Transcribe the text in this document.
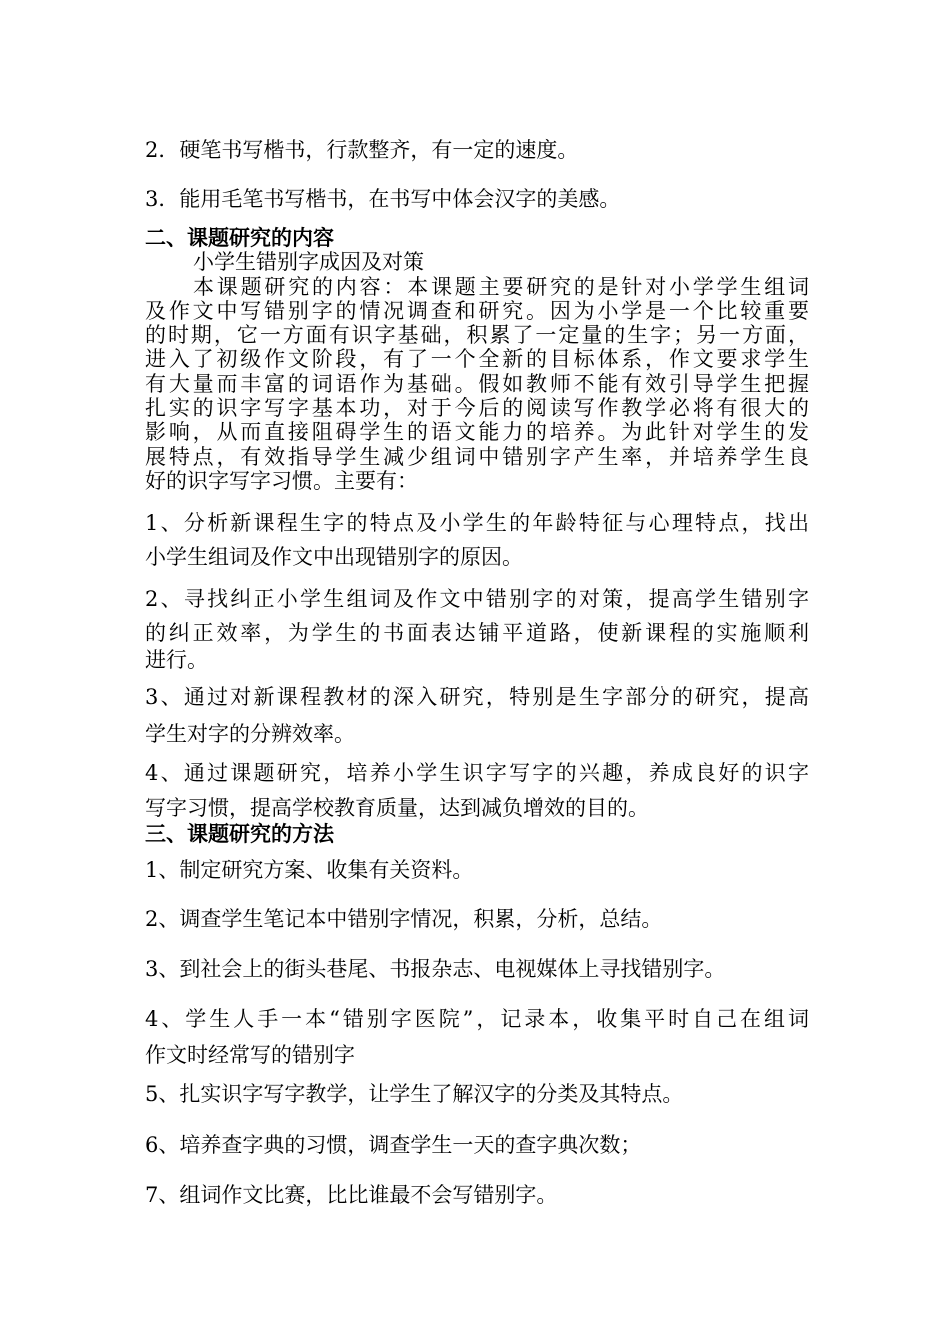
2．硬笔书写楷书，行款整齐，有一定的速度。
3．能用毛笔书写楷书，在书写中体会汉字的美感。
二、课题研究的内容
小学生错别字成因及对策
本课题研究的内容：本课题主要研究的是针对小学学生组词
及作文中写错别字的情况调查和研究。因为小学是一个比较重要
的时期，它一方面有识字基础，积累了一定量的生字；另一方面，
进入了初级作文阶段，有了一个全新的目标体系，作文要求学生
有大量而丰富的词语作为基础。假如教师不能有效引导学生把握
扎实的识字写字基本功，对于今后的阅读写作教学必将有很大的
影响，从而直接阻碍学生的语文能力的培养。为此针对学生的发
展特点，有效指导学生减少组词中错别字产生率，并培养学生良
好的识字写字习惯。主要有：
1、分析新课程生字的特点及小学生的年龄特征与心理特点，找出
小学生组词及作文中出现错别字的原因。
2、寻找纠正小学生组词及作文中错别字的对策，提高学生错别字
的纠正效率，为学生的书面表达铺平道路，使新课程的实施顺利
进行。
3、通过对新课程教材的深入研究，特别是生字部分的研究，提高
学生对字的分辨效率。
4、通过课题研究，培养小学生识字写字的兴趣，养成良好的识字
写字习惯，提高学校教育质量，达到减负增效的目的。
三、课题研究的方法
1、制定研究方案、收集有关资料。
2、调查学生笔记本中错别字情况，积累，分析，总结。
3、到社会上的街头巷尾、书报杂志、电视媒体上寻找错别字。
4、学生人手一本“错别字医院”，记录本，收集平时自己在组词
作文时经常写的错别字
5、扎实识字写字教学，让学生了解汉字的分类及其特点。
6、培养查字典的习惯，调查学生一天的查字典次数；
7、组词作文比赛，比比谁最不会写错别字。
